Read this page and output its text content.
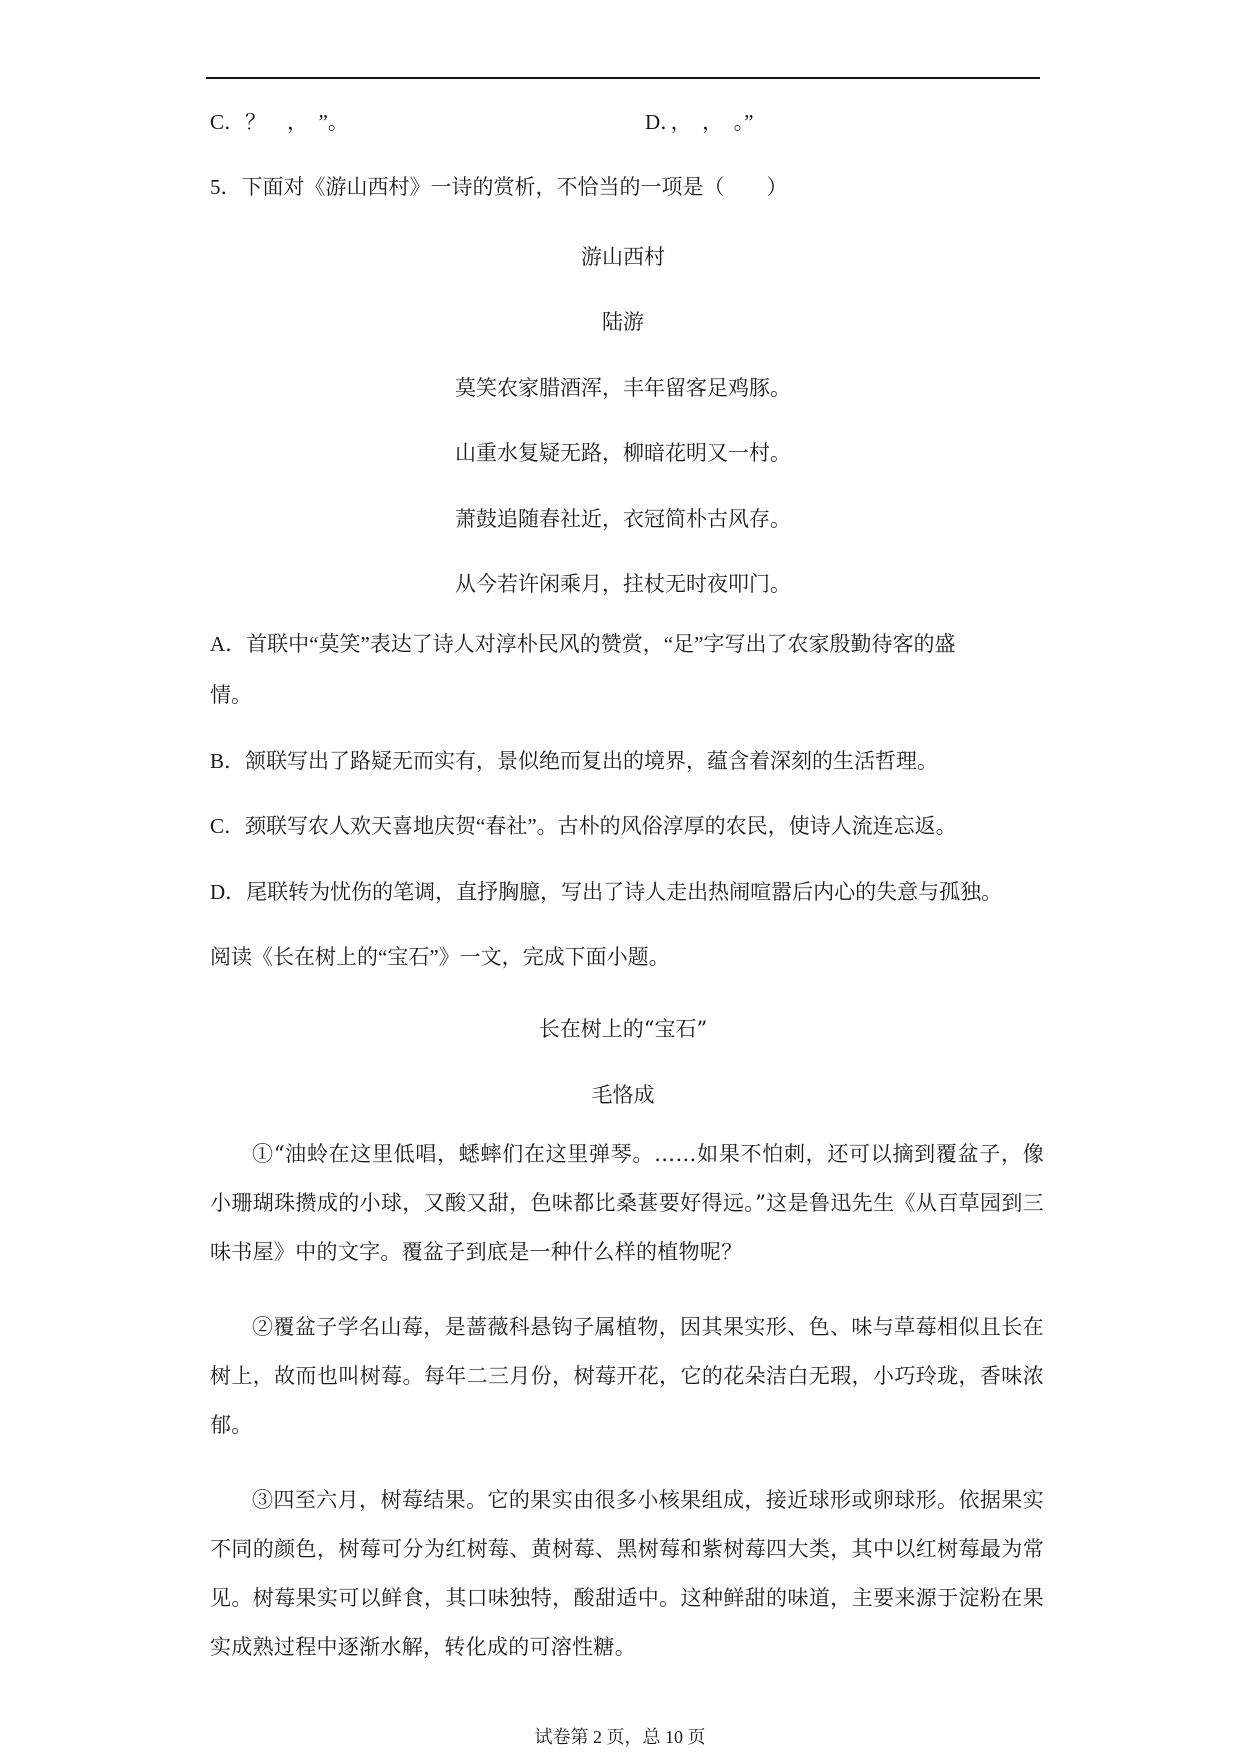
C．？　，　”。	D．，　，　。”
5．下面对《游山西村》一诗的赏析，不恰当的一项是（　　）
游山西村
陆游
莫笑农家腊酒浑，丰年留客足鸡豚。
山重水复疑无路，柳暗花明又一村。
萧鼓追随春社近，衣冠简朴古风存。
从今若许闲乘月，拄杖无时夜叩门。
A．首联中“莫笑”表达了诗人对淳朴民风的赞赏，“足”字写出了农家殷勤待客的盛
情。
B．颔联写出了路疑无而实有，景似绝而复出的境界，蕴含着深刻的生活哲理。
C．颈联写农人欢天喜地庆贺“春社”。古朴的风俗淳厚的农民，使诗人流连忘返。
D．尾联转为忧伤的笔调，直抒胸臆，写出了诗人走出热闹喧嚣后内心的失意与孤独。
阅读《长在树上的“宝石”》一文，完成下面小题。
长在树上的“宝石”
毛恪成
①“油蛉在这里低唱，蟋蟀们在这里弹琴。……如果不怕刺，还可以摘到覆盆子，像小珊瑚珠攒成的小球，又酸又甜，色味都比桑葚要好得远。”这是鲁迅先生《从百草园到三味书屋》中的文字。覆盆子到底是一种什么样的植物呢？
②覆盆子学名山莓，是蔷薇科悬钩子属植物，因其果实形、色、味与草莓相似且长在树上，故而也叫树莓。每年二三月份，树莓开花，它的花朵洁白无瑕，小巧玲珑，香味浓郁。
③四至六月，树莓结果。它的果实由很多小核果组成，接近球形或卵球形。依据果实不同的颜色，树莓可分为红树莓、黄树莓、黑树莓和紫树莓四大类，其中以红树莓最为常见。树莓果实可以鲜食，其口味独特，酸甜适中。这种鲜甜的味道，主要来源于淀粉在果实成熟过程中逐渐水解，转化成的可溶性糖。
试卷第 2 页，总 10 页
